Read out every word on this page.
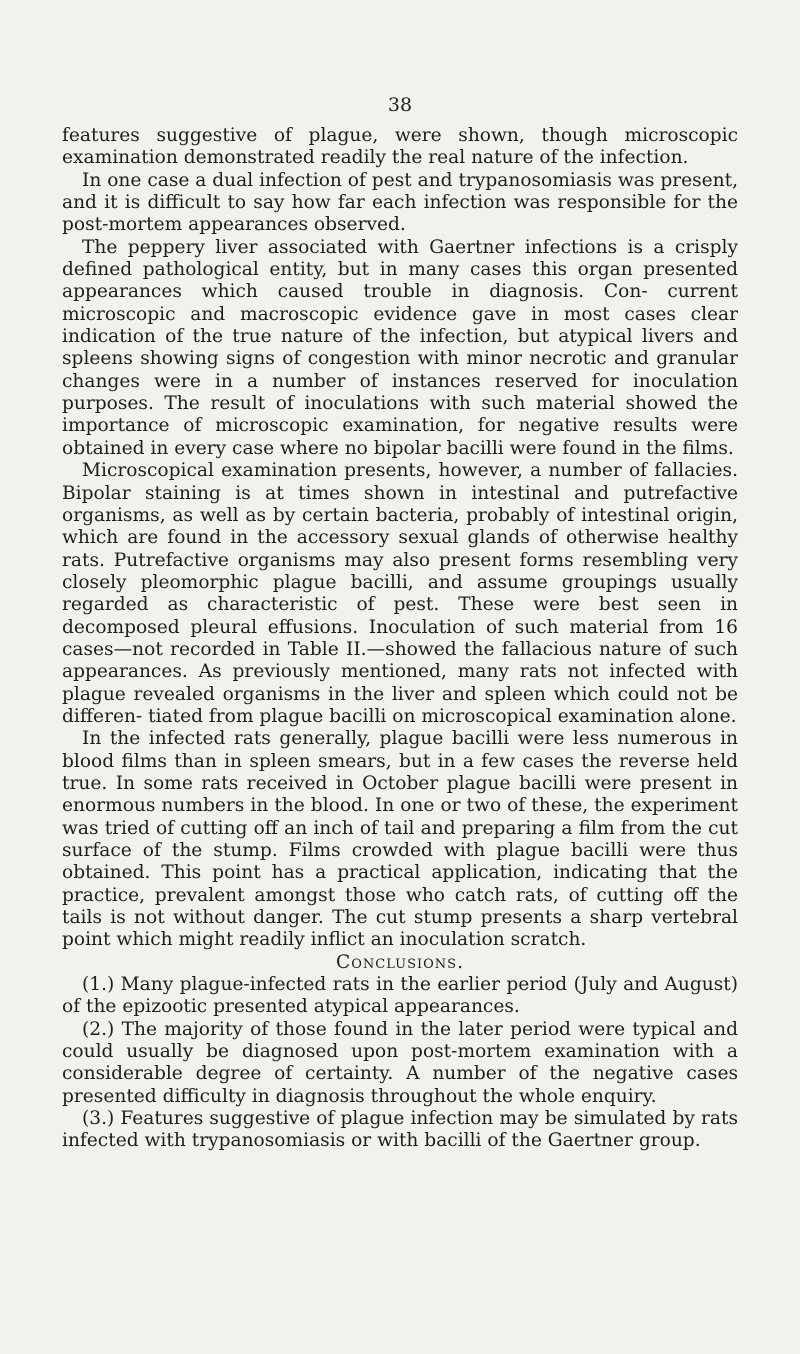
38

features suggestive of plague, were shown, though microscopic examination demonstrated readily the real nature of the infection.

In one case a dual infection of pest and trypanosomiasis was present, and it is difficult to say how far each infection was responsible for the post-mortem appearances observed.

The peppery liver associated with Gaertner infections is a crisply defined pathological entity, but in many cases this organ presented appearances which caused trouble in diagnosis. Con- current microscopic and macroscopic evidence gave in most cases clear indication of the true nature of the infection, but atypical livers and spleens showing signs of congestion with minor necrotic and granular changes were in a number of instances reserved for inoculation purposes. The result of inoculations with such material showed the importance of microscopic examination, for negative results were obtained in every case where no bipolar bacilli were found in the films.

Microscopical examination presents, however, a number of fallacies. Bipolar staining is at times shown in intestinal and putrefactive organisms, as well as by certain bacteria, probably of intestinal origin, which are found in the accessory sexual glands of otherwise healthy rats. Putrefactive organisms may also present forms resembling very closely pleomorphic plague bacilli, and assume groupings usually regarded as characteristic of pest. These were best seen in decomposed pleural effusions. Inoculation of such material from 16 cases—not recorded in Table II.—showed the fallacious nature of such appearances. As previously mentioned, many rats not infected with plague revealed organisms in the liver and spleen which could not be differen- tiated from plague bacilli on microscopical examination alone.

In the infected rats generally, plague bacilli were less numerous in blood films than in spleen smears, but in a few cases the reverse held true. In some rats received in October plague bacilli were present in enormous numbers in the blood. In one or two of these, the experiment was tried of cutting off an inch of tail and preparing a film from the cut surface of the stump. Films crowded with plague bacilli were thus obtained. This point has a practical application, indicating that the practice, prevalent amongst those who catch rats, of cutting off the tails is not without danger. The cut stump presents a sharp vertebral point which might readily inflict an inoculation scratch.

Conclusions.

(1.) Many plague-infected rats in the earlier period (July and August) of the epizootic presented atypical appearances.

(2.) The majority of those found in the later period were typical and could usually be diagnosed upon post-mortem examination with a considerable degree of certainty. A number of the negative cases presented difficulty in diagnosis throughout the whole enquiry.

(3.) Features suggestive of plague infection may be simulated by rats infected with trypanosomiasis or with bacilli of the Gaertner group.
